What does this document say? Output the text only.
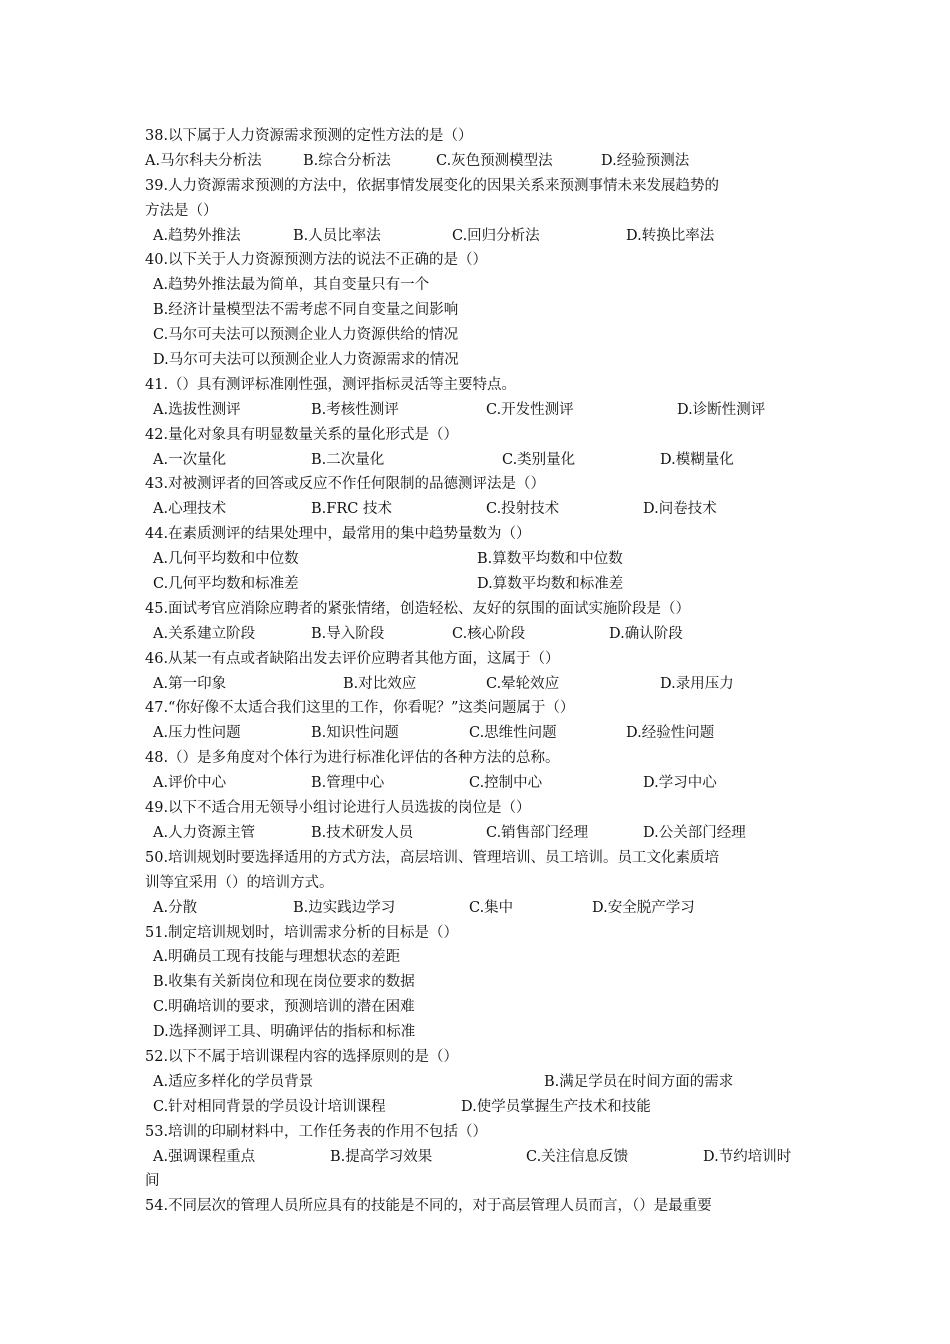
38.以下属于人力资源需求预测的定性方法的是（）
A.马尔科夫分析法	B.综合分析法	C.灰色预测模型法	D.经验预测法
39.人力资源需求预测的方法中，依据事情发展变化的因果关系来预测事情未来发展趋势的
方法是（）
A.趋势外推法	B.人员比率法	C.回归分析法	D.转换比率法
40.以下关于人力资源预测方法的说法不正确的是（）
A.趋势外推法最为简单，其自变量只有一个
B.经济计量模型法不需考虑不同自变量之间影响
C.马尔可夫法可以预测企业人力资源供给的情况
D.马尔可夫法可以预测企业人力资源需求的情况
41.（）具有测评标准刚性强，测评指标灵活等主要特点。
A.选拔性测评	B.考核性测评	C.开发性测评	D.诊断性测评
42.量化对象具有明显数量关系的量化形式是（）
A.一次量化	B.二次量化	C.类别量化	D.模糊量化
43.对被测评者的回答或反应不作任何限制的品德测评法是（）
A.心理技术	B.FRC 技术	C.投射技术	D.问卷技术
44.在素质测评的结果处理中，最常用的集中趋势量数为（）
A.几何平均数和中位数	B.算数平均数和中位数
C.几何平均数和标准差	D.算数平均数和标准差
45.面试考官应消除应聘者的紧张情绪，创造轻松、友好的氛围的面试实施阶段是（）
A.关系建立阶段	B.导入阶段	C.核心阶段	D.确认阶段
46.从某一有点或者缺陷出发去评价应聘者其他方面，这属于（）
A.第一印象	B.对比效应	C.晕轮效应	D.录用压力
47.“你好像不太适合我们这里的工作，你看呢？”这类问题属于（）
A.压力性问题	B.知识性问题	C.思维性问题	D.经验性问题
48.（）是多角度对个体行为进行标准化评估的各种方法的总称。
A.评价中心	B.管理中心	C.控制中心	D.学习中心
49.以下不适合用无领导小组讨论进行人员选拔的岗位是（）
A.人力资源主管	B.技术研发人员	C.销售部门经理	D.公关部门经理
50.培训规划时要选择适用的方式方法，高层培训、管理培训、员工培训。员工文化素质培
训等宜采用（）的培训方式。
A.分散	B.边实践边学习	C.集中	D.安全脱产学习
51.制定培训规划时，培训需求分析的目标是（）
A.明确员工现有技能与理想状态的差距
B.收集有关新岗位和现在岗位要求的数据
C.明确培训的要求，预测培训的潜在困难
D.选择测评工具、明确评估的指标和标准
52.以下不属于培训课程内容的选择原则的是（）
A.适应多样化的学员背景	B.满足学员在时间方面的需求
C.针对相同背景的学员设计培训课程	D.使学员掌握生产技术和技能
53.培训的印刷材料中，工作任务表的作用不包括（）
A.强调课程重点	B.提高学习效果	C.关注信息反馈	D.节约培训时
间
54.不同层次的管理人员所应具有的技能是不同的，对于高层管理人员而言，（）是最重要
